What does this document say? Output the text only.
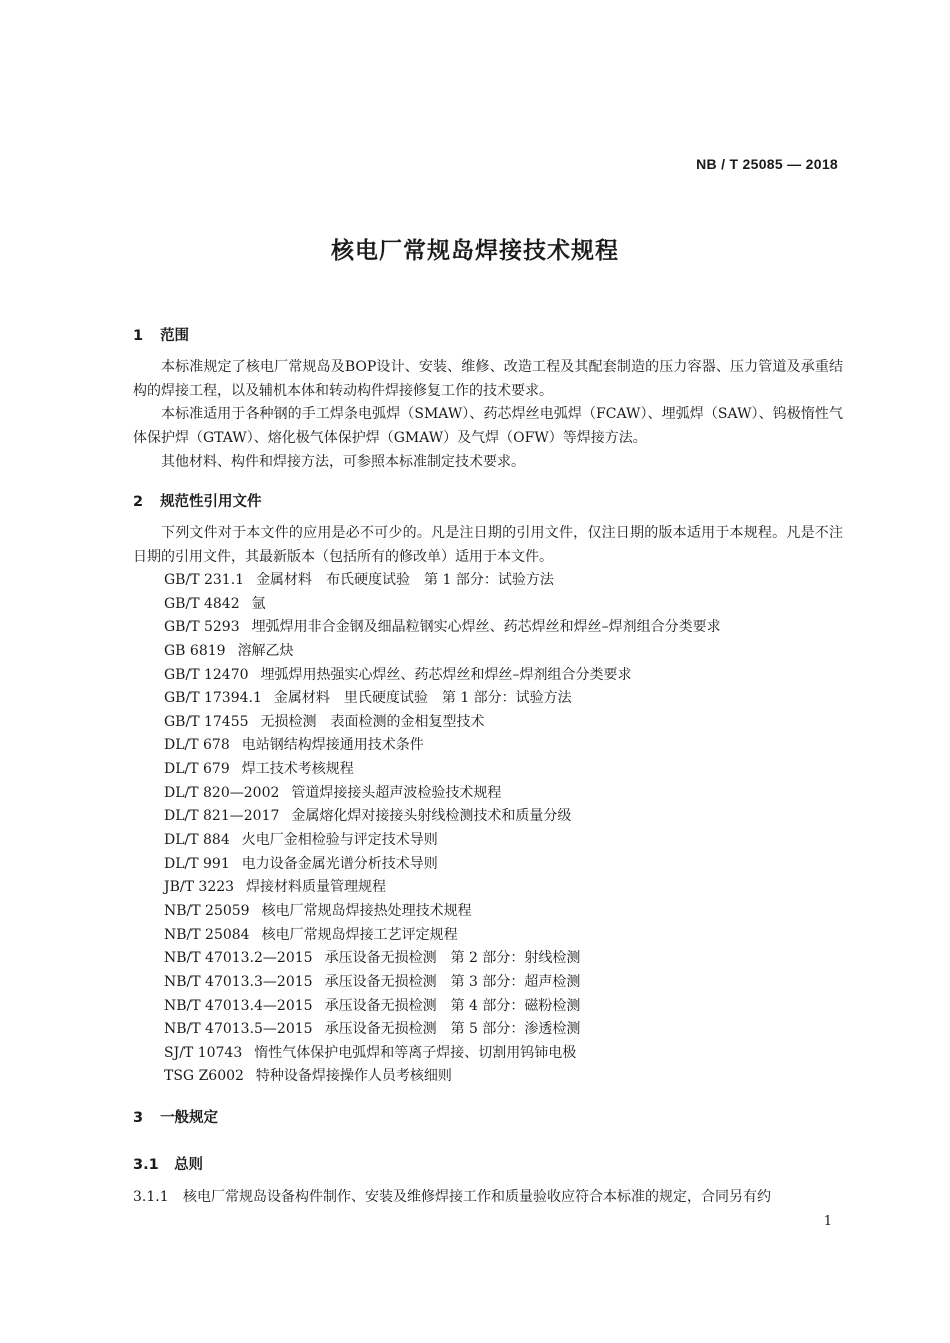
NB / T 25085 — 2018
核电厂常规岛焊接技术规程
1 范围
本标准规定了核电厂常规岛及BOP设计、安装、维修、改造工程及其配套制造的压力容器、压力管道及承重结构的焊接工程，以及辅机本体和转动构件焊接修复工作的技术要求。
本标准适用于各种钢的手工焊条电弧焊（SMAW）、药芯焊丝电弧焊（FCAW）、埋弧焊（SAW）、钨极惰性气体保护焊（GTAW）、熔化极气体保护焊（GMAW）及气焊（OFW）等焊接方法。
其他材料、构件和焊接方法，可参照本标准制定技术要求。
2 规范性引用文件
下列文件对于本文件的应用是必不可少的。凡是注日期的引用文件，仅注日期的版本适用于本规程。凡是不注日期的引用文件，其最新版本（包括所有的修改单）适用于本文件。
GB/T 231.1 金属材料　布氏硬度试验　第 1 部分：试验方法
GB/T 4842 氩
GB/T 5293 埋弧焊用非合金钢及细晶粒钢实心焊丝、药芯焊丝和焊丝–焊剂组合分类要求
GB 6819 溶解乙炔
GB/T 12470 埋弧焊用热强实心焊丝、药芯焊丝和焊丝–焊剂组合分类要求
GB/T 17394.1 金属材料　里氏硬度试验　第 1 部分：试验方法
GB/T 17455 无损检测　表面检测的金相复型技术
DL/T 678 电站钢结构焊接通用技术条件
DL/T 679 焊工技术考核规程
DL/T 820—2002 管道焊接接头超声波检验技术规程
DL/T 821—2017 金属熔化焊对接接头射线检测技术和质量分级
DL/T 884 火电厂金相检验与评定技术导则
DL/T 991 电力设备金属光谱分析技术导则
JB/T 3223 焊接材料质量管理规程
NB/T 25059 核电厂常规岛焊接热处理技术规程
NB/T 25084 核电厂常规岛焊接工艺评定规程
NB/T 47013.2—2015 承压设备无损检测　第 2 部分：射线检测
NB/T 47013.3—2015 承压设备无损检测　第 3 部分：超声检测
NB/T 47013.4—2015 承压设备无损检测　第 4 部分：磁粉检测
NB/T 47013.5—2015 承压设备无损检测　第 5 部分：渗透检测
SJ/T 10743 惰性气体保护电弧焊和等离子焊接、切割用钨铈电极
TSG Z6002 特种设备焊接操作人员考核细则
3 一般规定
3.1 总则
3.1.1 核电厂常规岛设备构件制作、安装及维修焊接工作和质量验收应符合本标准的规定，合同另有约
1
